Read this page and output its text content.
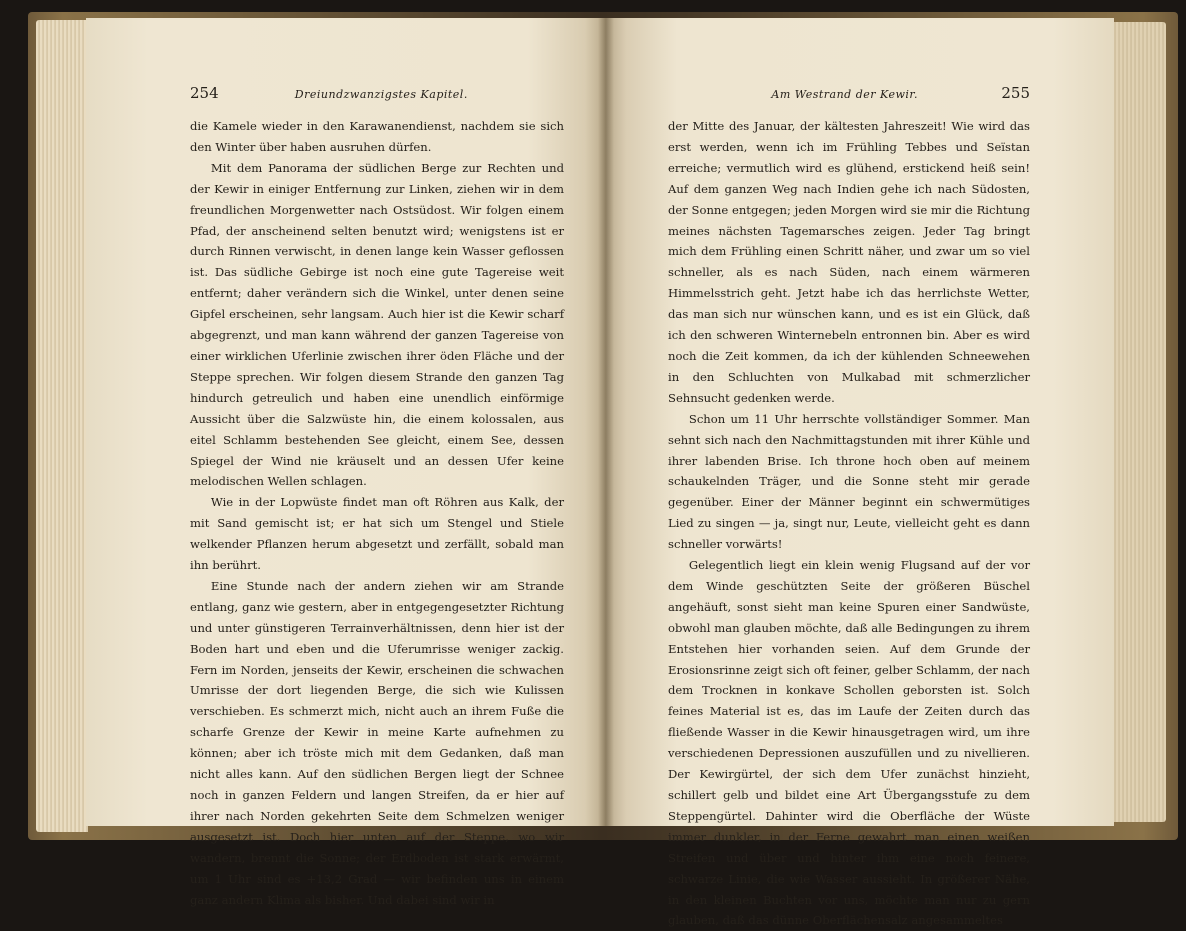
254	Dreiundzwanzigstes Kapitel.

die Kamele wieder in den Karawanendienst, nachdem sie sich den Winter über haben ausruhen dürfen.

Mit dem Panorama der südlichen Berge zur Rechten und der Kewir in einiger Entfernung zur Linken, ziehen wir in dem freundlichen Morgenwetter nach Ostsüdost. Wir folgen einem Pfad, der anscheinend selten benutzt wird; wenigstens ist er durch Rinnen verwischt, in denen lange kein Wasser geflossen ist. Das südliche Gebirge ist noch eine gute Tagereise weit entfernt; daher verändern sich die Winkel, unter denen seine Gipfel erscheinen, sehr langsam. Auch hier ist die Kewir scharf abgegrenzt, und man kann während der ganzen Tagereise von einer wirklichen Uferlinie zwischen ihrer öden Fläche und der Steppe sprechen. Wir folgen diesem Strande den ganzen Tag hindurch getreulich und haben eine unendlich einförmige Aussicht über die Salzwüste hin, die einem kolossalen, aus eitel Schlamm bestehenden See gleicht, einem See, dessen Spiegel der Wind nie kräuselt und an dessen Ufer keine melodischen Wellen schlagen.

Wie in der Lopwüste findet man oft Röhren aus Kalk, der mit Sand gemischt ist; er hat sich um Stengel und Stiele welkender Pflanzen herum abgesetzt und zerfällt, sobald man ihn berührt.

Eine Stunde nach der andern ziehen wir am Strande entlang, ganz wie gestern, aber in entgegengesetzter Richtung und unter günstigeren Terrainverhältnissen, denn hier ist der Boden hart und eben und die Uferumrisse weniger zackig. Fern im Norden, jenseits der Kewir, erscheinen die schwachen Umrisse der dort liegenden Berge, die sich wie Kulissen verschieben. Es schmerzt mich, nicht auch an ihrem Fuße die scharfe Grenze der Kewir in meine Karte aufnehmen zu können; aber ich tröste mich mit dem Gedanken, daß man nicht alles kann. Auf den südlichen Bergen liegt der Schnee noch in ganzen Feldern und langen Streifen, da er hier auf ihrer nach Norden gekehrten Seite dem Schmelzen weniger ausgesetzt ist. Doch hier unten auf der Steppe, wo wir wandern, brennt die Sonne; der Erdboden ist stark erwärmt, um 1 Uhr sind es +13,2 Grad — wir befinden uns in einem ganz andern Klima als bisher. Und dabei sind wir in

Am Westrand der Kewir.	255

der Mitte des Januar, der kältesten Jahreszeit! Wie wird das erst werden, wenn ich im Frühling Tebbes und Seïstan erreiche; vermutlich wird es glühend, erstickend heiß sein! Auf dem ganzen Weg nach Indien gehe ich nach Südosten, der Sonne entgegen; jeden Morgen wird sie mir die Richtung meines nächsten Tagemarsches zeigen. Jeder Tag bringt mich dem Frühling einen Schritt näher, und zwar um so viel schneller, als es nach Süden, nach einem wärmeren Himmelsstrich geht. Jetzt habe ich das herrlichste Wetter, das man sich nur wünschen kann, und es ist ein Glück, daß ich den schweren Winternebeln entronnen bin. Aber es wird noch die Zeit kommen, da ich der kühlenden Schneewehen in den Schluchten von Mulkabad mit schmerzlicher Sehnsucht gedenken werde.

Schon um 11 Uhr herrschte vollständiger Sommer. Man sehnt sich nach den Nachmittagstunden mit ihrer Kühle und ihrer labenden Brise. Ich throne hoch oben auf meinem schaukelnden Träger, und die Sonne steht mir gerade gegenüber. Einer der Männer beginnt ein schwermütiges Lied zu singen — ja, singt nur, Leute, vielleicht geht es dann schneller vorwärts!

Gelegentlich liegt ein klein wenig Flugsand auf der vor dem Winde geschützten Seite der größeren Büschel angehäuft, sonst sieht man keine Spuren einer Sandwüste, obwohl man glauben möchte, daß alle Bedingungen zu ihrem Entstehen hier vorhanden seien. Auf dem Grunde der Erosionsrinne zeigt sich oft feiner, gelber Schlamm, der nach dem Trocknen in konkave Schollen geborsten ist. Solch feines Material ist es, das im Laufe der Zeiten durch das fließende Wasser in die Kewir hinausgetragen wird, um ihre verschiedenen Depressionen auszufüllen und zu nivellieren. Der Kewirgürtel, der sich dem Ufer zunächst hinzieht, schillert gelb und bildet eine Art Übergangsstufe zu dem Steppengürtel. Dahinter wird die Oberfläche der Wüste immer dunkler, in der Ferne gewahrt man einen weißen Streifen und über und hinter ihm eine noch feinere, schwarze Linie, die wie Wasser aussieht. In größerer Nähe, in den kleinen Buchten vor uns, möchte man nur zu gern glauben, daß das dünne Oberflächensalz angesammeltes
